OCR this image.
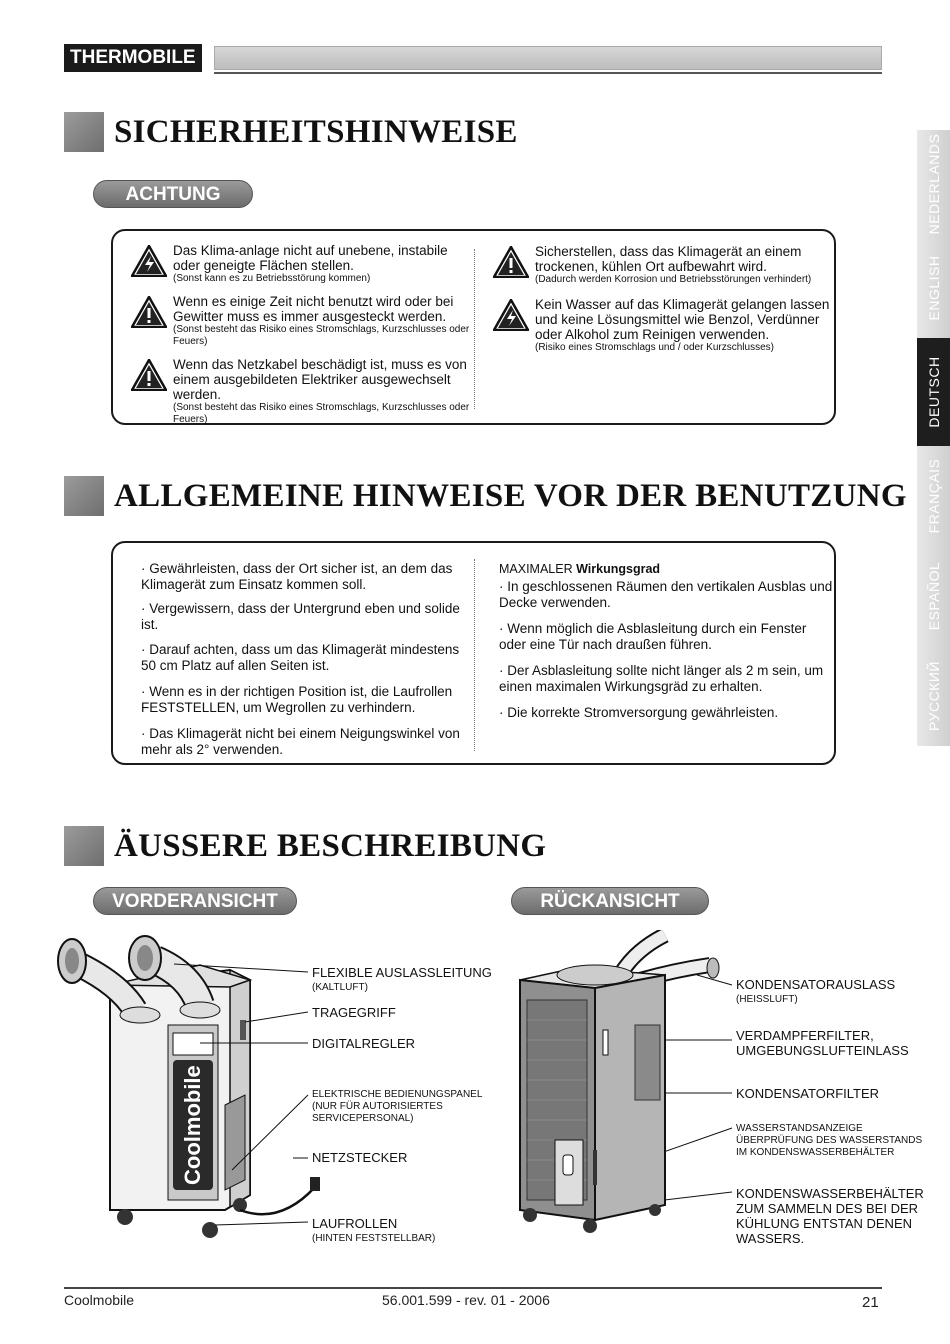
THERMOBILE
NEDERLANDS
ENGLISH
DEUTSCH
FRANÇAIS
ESPAÑOL
РУССКИЙ
SICHERHEITSHINWEISE
ACHTUNG
Das Klima-anlage nicht auf unebene, instabile oder geneigte Flächen stellen.
(Sonst kann es zu Betriebsstörung kommen)
Wenn es einige Zeit nicht benutzt wird oder bei Gewitter muss es immer ausgesteckt werden.
(Sonst besteht das Risiko eines Stromschlags, Kurzschlusses oder Feuers)
Wenn das Netzkabel beschädigt ist, muss es von einem ausgebildeten Elektriker ausgewechselt werden.
(Sonst besteht das Risiko eines Stromschlags, Kurzschlusses oder Feuers)
Sicherstellen, dass das Klimagerät an einem trockenen, kühlen Ort aufbewahrt wird.
(Dadurch werden Korrosion und Betriebsstörungen verhindert)
Kein Wasser auf das Klimagerät gelangen lassen und keine Lösungsmittel wie Benzol, Verdünner oder Alkohol zum Reinigen verwenden.
(Risiko eines Stromschlags und / oder Kurzschlusses)
ALLGEMEINE HINWEISE VOR DER BENUTZUNG
· Gewährleisten, dass der Ort sicher ist, an dem das Klimagerät zum Einsatz kommen soll.
· Vergewissern, dass der Untergrund eben und solide ist.
· Darauf achten, dass um das Klimagerät mindestens 50 cm Platz auf allen Seiten ist.
· Wenn es in der richtigen Position ist, die Laufrollen FESTSTELLEN, um Wegrollen zu verhindern.
· Das Klimagerät nicht bei einem Neigungswinkel von mehr als 2° verwenden.
MAXIMALER Wirkungsgrad
· In geschlossenen Räumen den vertikalen Ausblas und Decke verwenden.
· Wenn möglich die Asblasleitung durch ein Fenster oder eine Tür nach draußen führen.
· Der Asblasleitung sollte nicht länger als 2 m sein, um einen maximalen Wirkungsgräd zu erhalten.
· Die korrekte Stromversorgung gewährleisten.
ÄUSSERE BESCHREIBUNG
VORDERANSICHT	RÜCKANSICHT
Coolmobile
FLEXIBLE AUSLASSLEITUNG
(KALTLUFT)
TRAGEGRIFF
DIGITALREGLER
ELEKTRISCHE BEDIENUNGSPANEL
(NUR FÜR AUTORISIERTES SERVICEPERSONAL)
NETZSTECKER
LAUFROLLEN
(HINTEN FESTSTELLBAR)
KONDENSATORAUSLASS
(HEISSLUFT)
VERDAMPFERFILTER, UMGEBUNGSLUFTEINLASS
KONDENSATORFILTER
WASSERSTANDSANZEIGE ÜBERPRÜFUNG DES WASSERSTANDS IM KONDENSWASSERBEHÄLTER
KONDENSWASSERBEHÄLTER ZUM SAMMELN DES BEI DER KÜHLUNG ENTSTAN DENEN WASSERS.
Coolmobile	56.001.599 - rev. 01 - 2006	21
